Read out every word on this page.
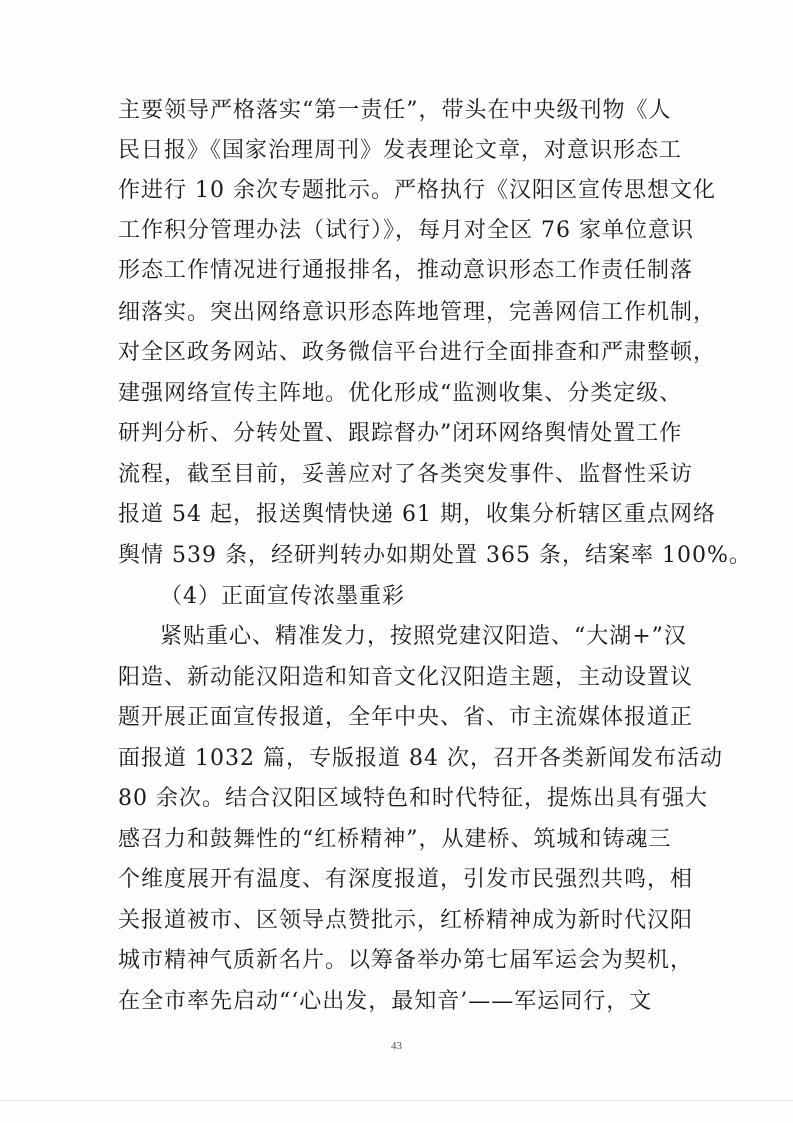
主要领导严格落实“第一责任”，带头在中央级刊物《人
民日报》《国家治理周刊》发表理论文章，对意识形态工
作进行 10 余次专题批示。严格执行《汉阳区宣传思想文化
工作积分管理办法（试行）》，每月对全区 76 家单位意识
形态工作情况进行通报排名，推动意识形态工作责任制落
细落实。突出网络意识形态阵地管理，完善网信工作机制，
对全区政务网站、政务微信平台进行全面排查和严肃整顿，
建强网络宣传主阵地。优化形成“监测收集、分类定级、
研判分析、分转处置、跟踪督办”闭环网络舆情处置工作
流程，截至目前，妥善应对了各类突发事件、监督性采访
报道 54 起，报送舆情快递 61 期，收集分析辖区重点网络
舆情 539 条，经研判转办如期处置 365 条，结案率 100%。
（4）正面宣传浓墨重彩
紧贴重心、精准发力，按照党建汉阳造、“大湖+”汉
阳造、新动能汉阳造和知音文化汉阳造主题，主动设置议
题开展正面宣传报道，全年中央、省、市主流媒体报道正
面报道 1032 篇，专版报道 84 次，召开各类新闻发布活动
80 余次。结合汉阳区域特色和时代特征，提炼出具有强大
感召力和鼓舞性的“红桥精神”，从建桥、筑城和铸魂三
个维度展开有温度、有深度报道，引发市民强烈共鸣，相
关报道被市、区领导点赞批示，红桥精神成为新时代汉阳
城市精神气质新名片。以筹备举办第七届军运会为契机，
在全市率先启动“‘心出发，最知音’——军运同行，文
43
